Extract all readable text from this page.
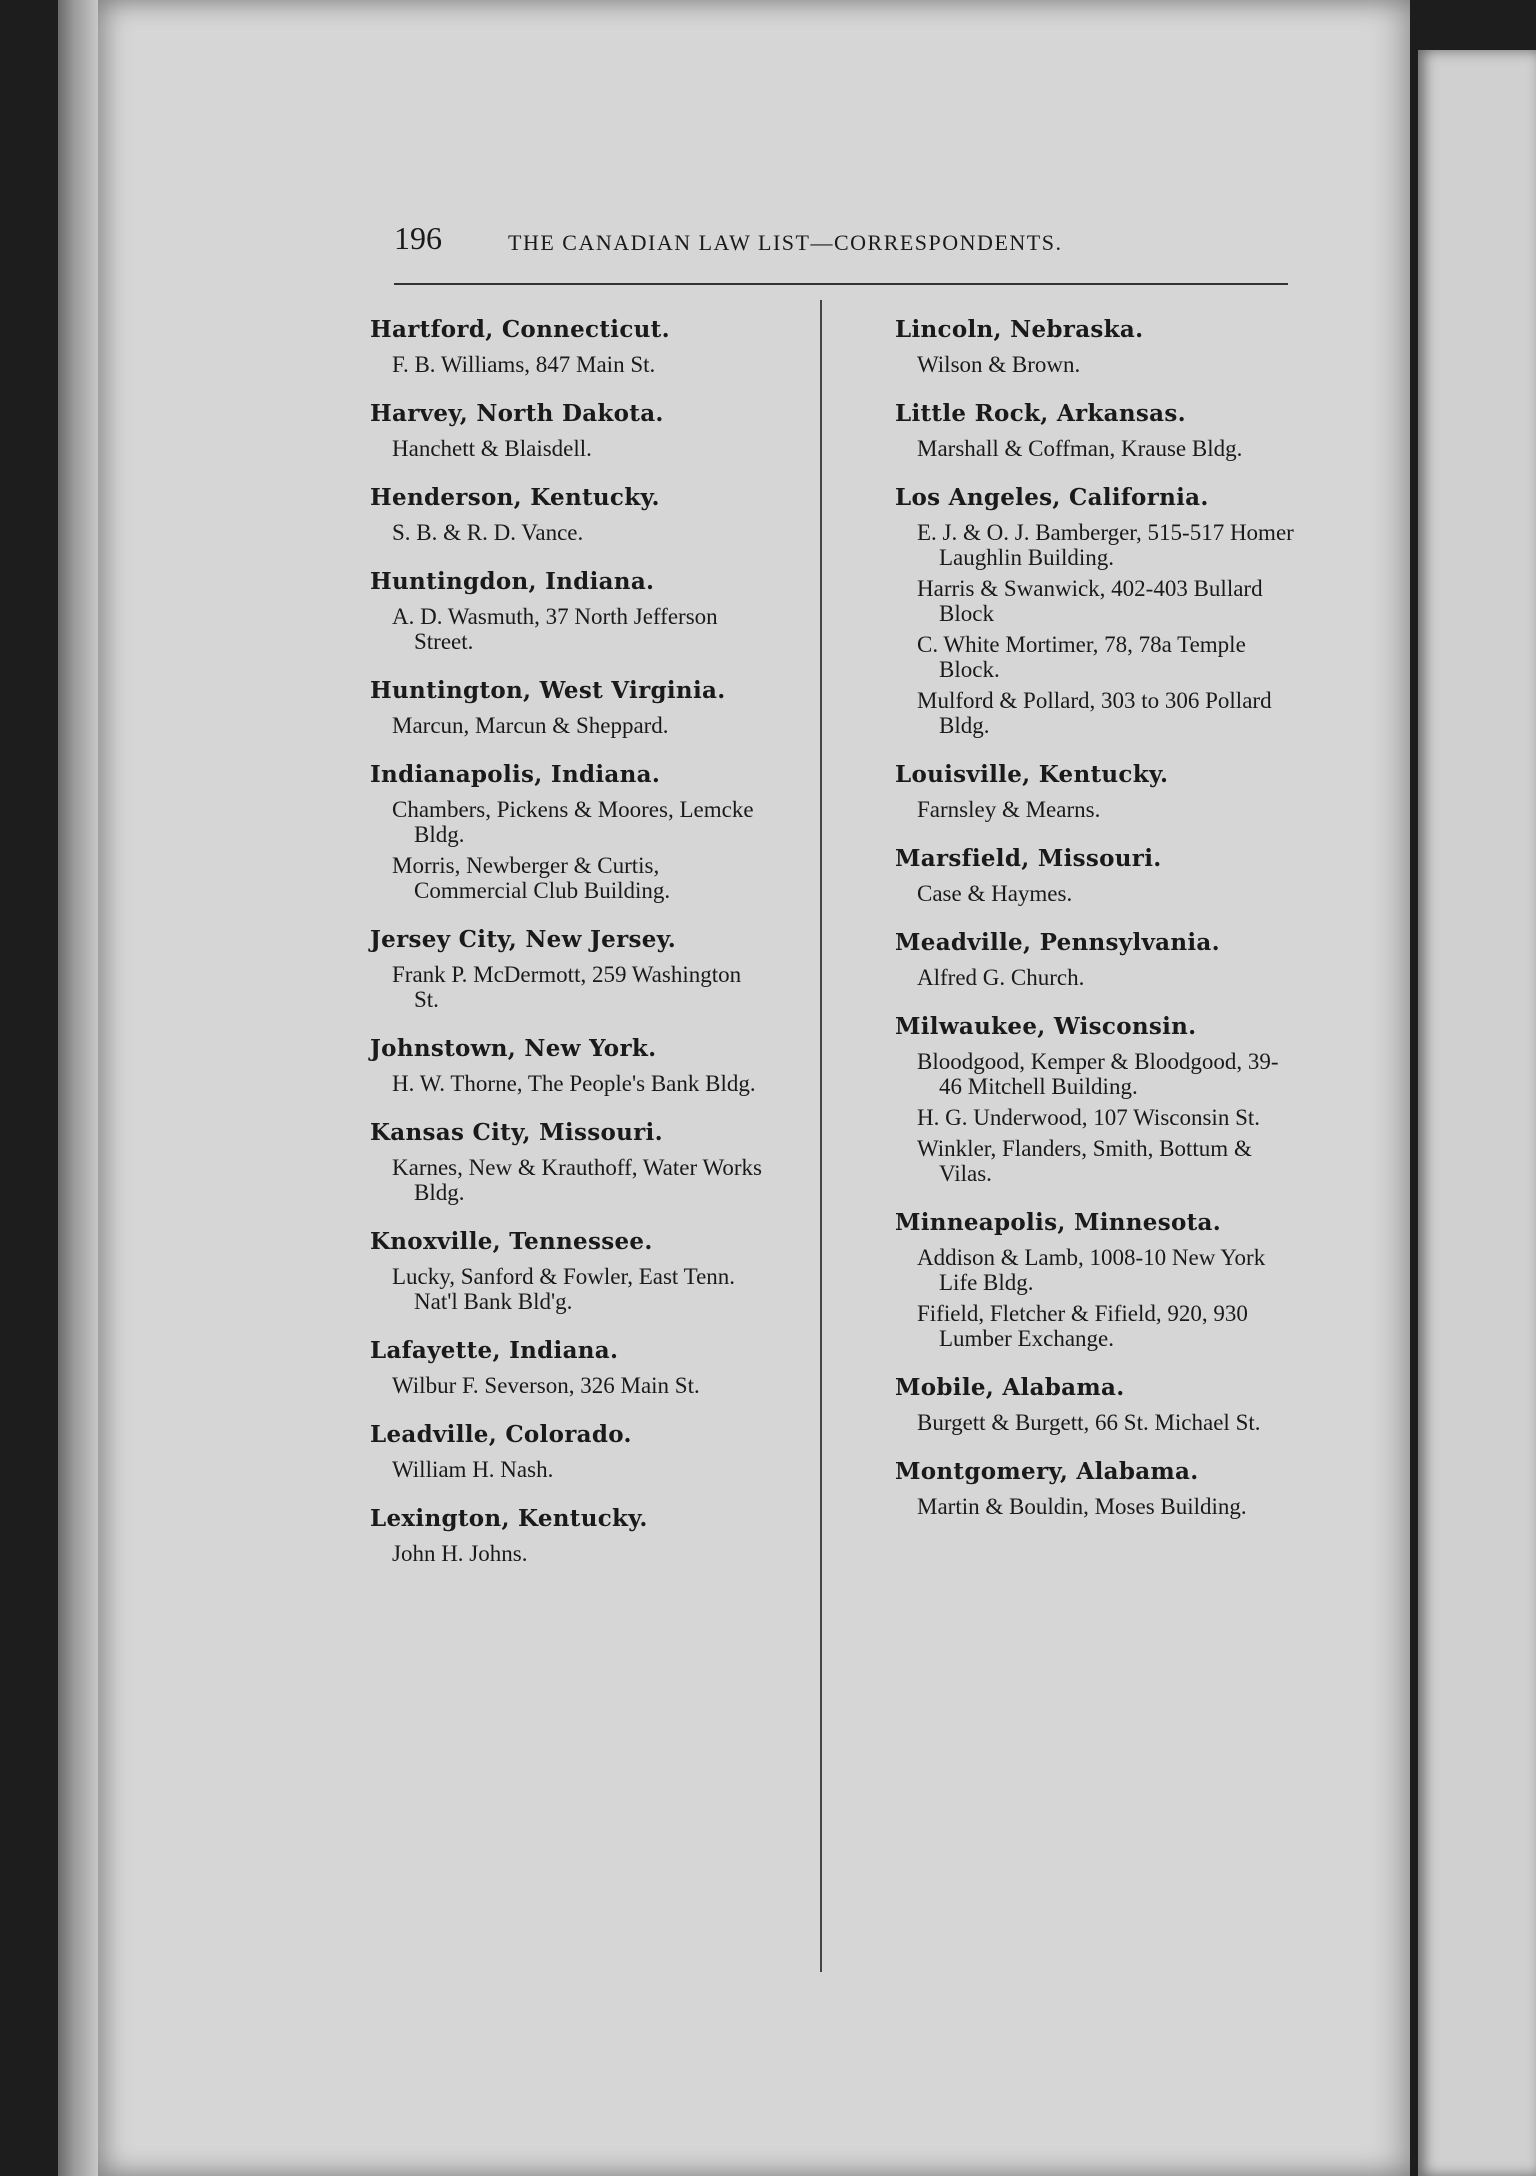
196	THE CANADIAN LAW LIST—CORRESPONDENTS.
Hartford, Connecticut.
F. B. Williams, 847 Main St.
Harvey, North Dakota.
Hanchett & Blaisdell.
Henderson, Kentucky.
S. B. & R. D. Vance.
Huntingdon, Indiana.
A. D. Wasmuth, 37 North Jefferson Street.
Huntington, West Virginia.
Marcun, Marcun & Sheppard.
Indianapolis, Indiana.
Chambers, Pickens & Moores, Lemcke Bldg.
Morris, Newberger & Curtis, Commercial Club Building.
Jersey City, New Jersey.
Frank P. McDermott, 259 Washington St.
Johnstown, New York.
H. W. Thorne, The People's Bank Bldg.
Kansas City, Missouri.
Karnes, New & Krauthoff, Water Works Bldg.
Knoxville, Tennessee.
Lucky, Sanford & Fowler, East Tenn. Nat'l Bank Bld'g.
Lafayette, Indiana.
Wilbur F. Severson, 326 Main St.
Leadville, Colorado.
William H. Nash.
Lexington, Kentucky.
John H. Johns.
Lincoln, Nebraska.
Wilson & Brown.
Little Rock, Arkansas.
Marshall & Coffman, Krause Bldg.
Los Angeles, California.
E. J. & O. J. Bamberger, 515-517 Homer Laughlin Building.
Harris & Swanwick, 402-403 Bullard Block
C. White Mortimer, 78, 78a Temple Block.
Mulford & Pollard, 303 to 306 Pollard Bldg.
Louisville, Kentucky.
Farnsley & Mearns.
Marsfield, Missouri.
Case & Haymes.
Meadville, Pennsylvania.
Alfred G. Church.
Milwaukee, Wisconsin.
Bloodgood, Kemper & Bloodgood, 39-46 Mitchell Building.
H. G. Underwood, 107 Wisconsin St.
Winkler, Flanders, Smith, Bottum & Vilas.
Minneapolis, Minnesota.
Addison & Lamb, 1008-10 New York Life Bldg.
Fifield, Fletcher & Fifield, 920, 930 Lumber Exchange.
Mobile, Alabama.
Burgett & Burgett, 66 St. Michael St.
Montgomery, Alabama.
Martin & Bouldin, Moses Building.
